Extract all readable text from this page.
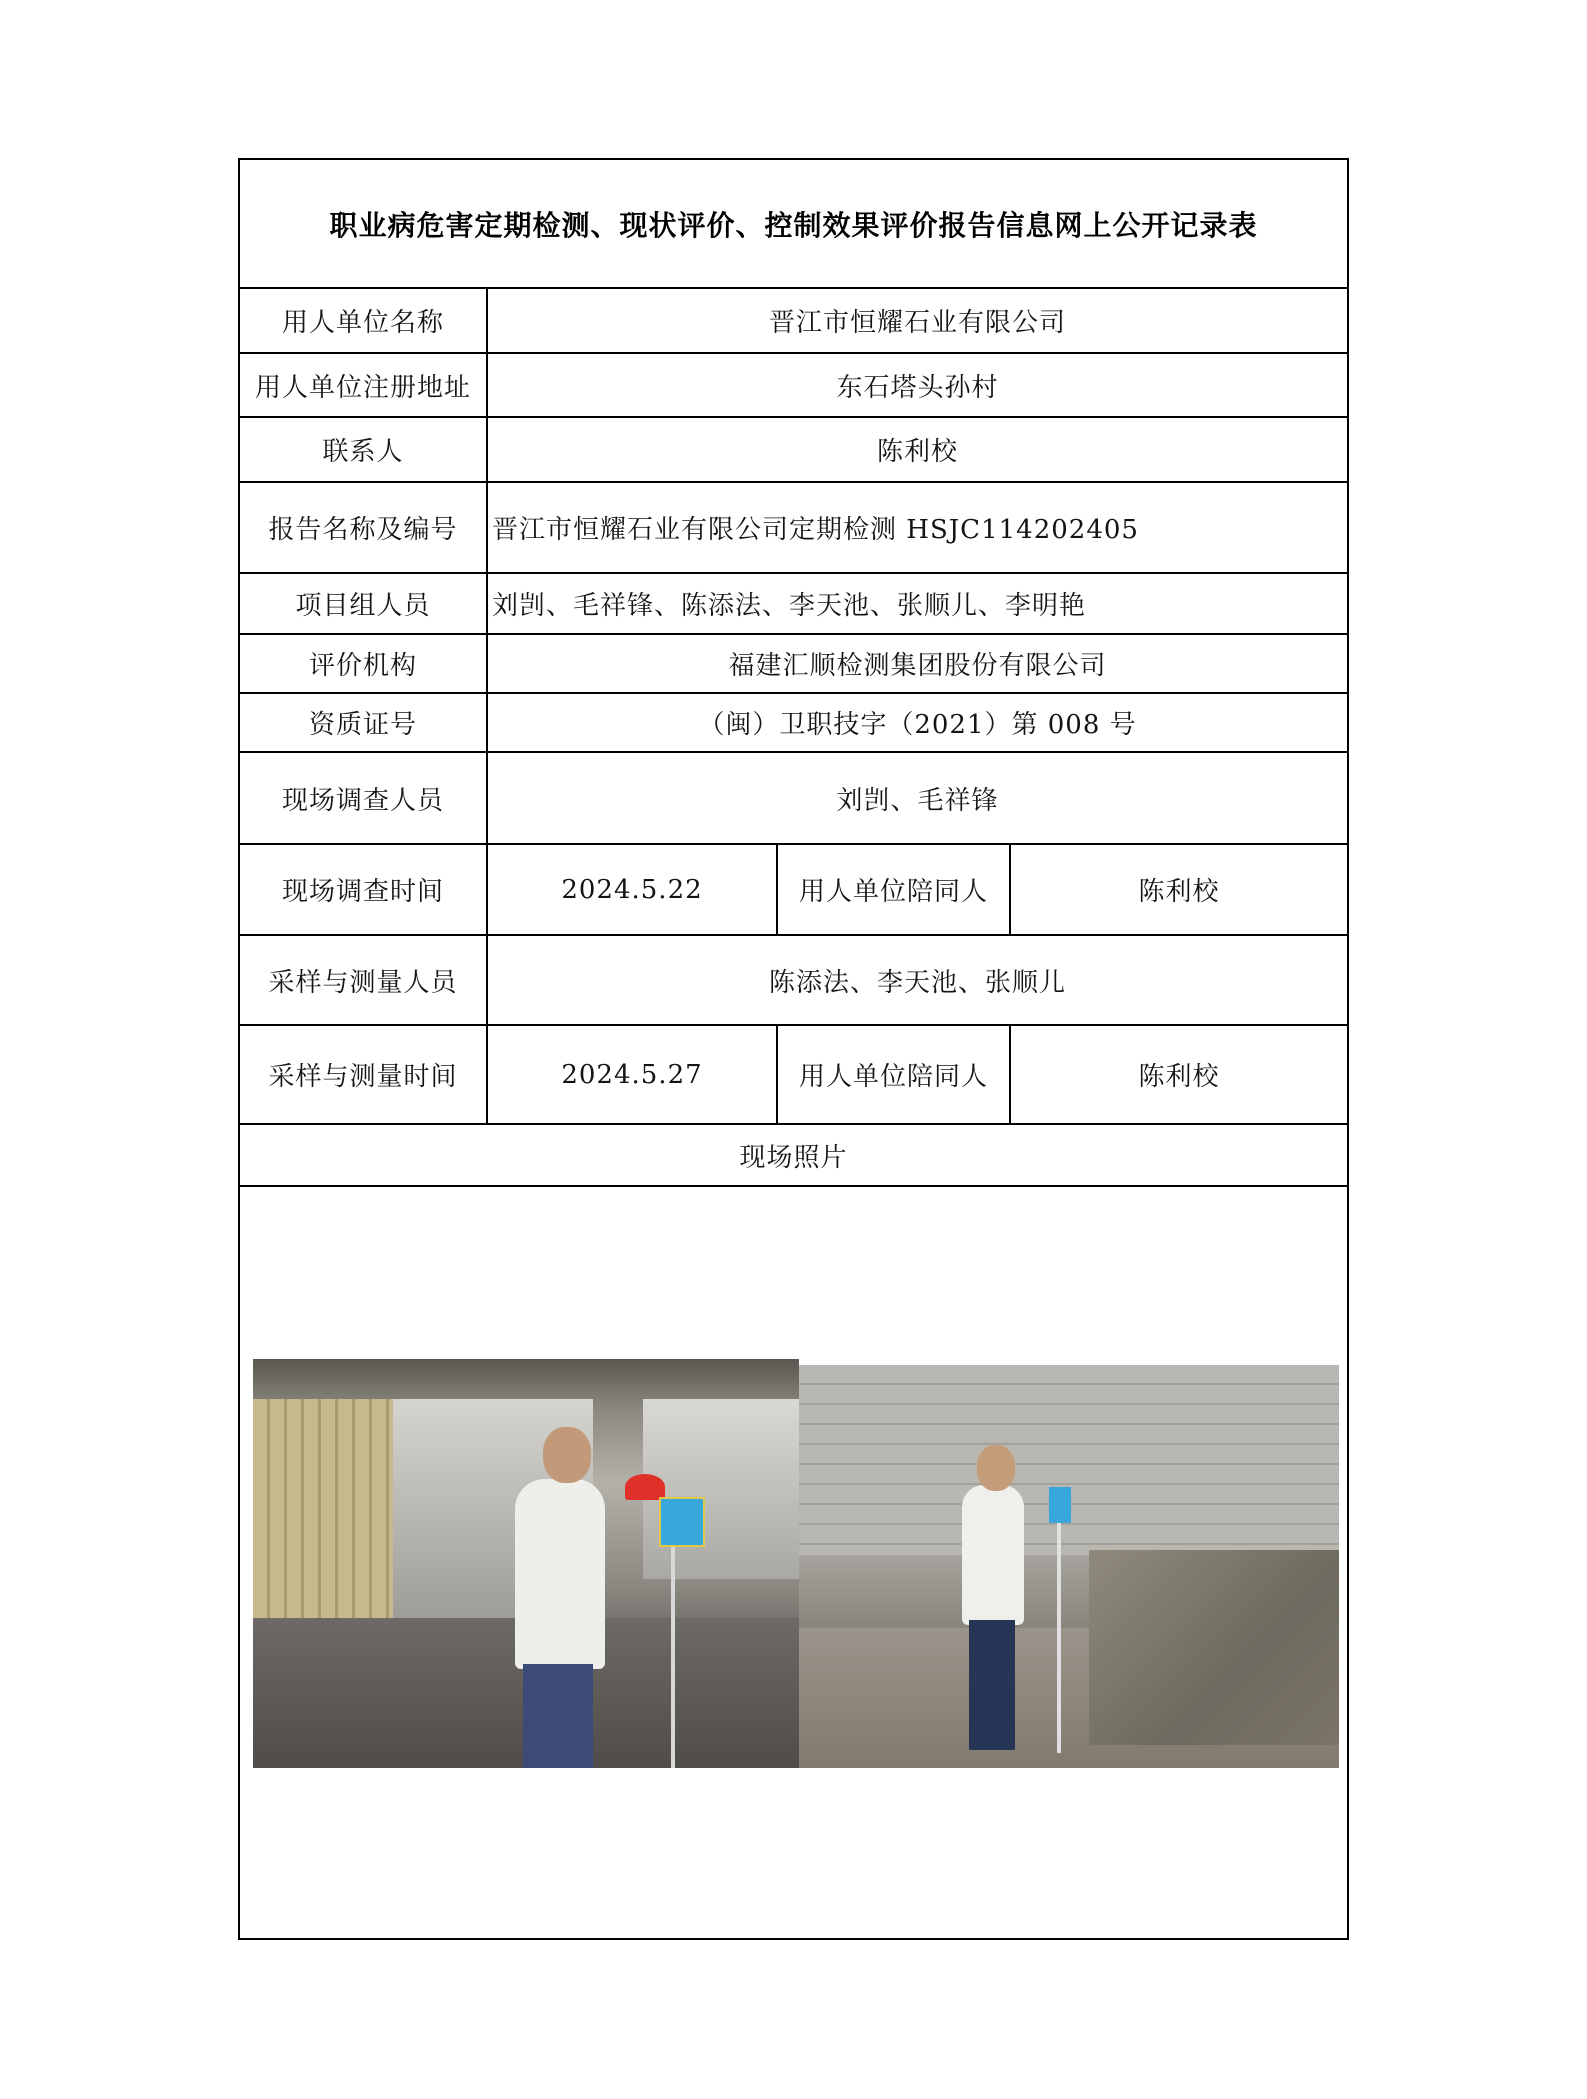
职业病危害定期检测、现状评价、控制效果评价报告信息网上公开记录表
用人单位名称	晋江市恒耀石业有限公司
用人单位注册地址	东石塔头孙村
联系人	陈利校
报告名称及编号	晋江市恒耀石业有限公司定期检测 HSJC114202405
项目组人员	刘剀、毛祥锋、陈添法、李天池、张顺儿、李明艳
评价机构	福建汇顺检测集团股份有限公司
资质证号	（闽）卫职技字（2021）第 008 号
现场调查人员	刘剀、毛祥锋
现场调查时间	2024.5.22	用人单位陪同人	陈利校
采样与测量人员	陈添法、李天池、张顺儿
采样与测量时间	2024.5.27	用人单位陪同人	陈利校
现场照片
